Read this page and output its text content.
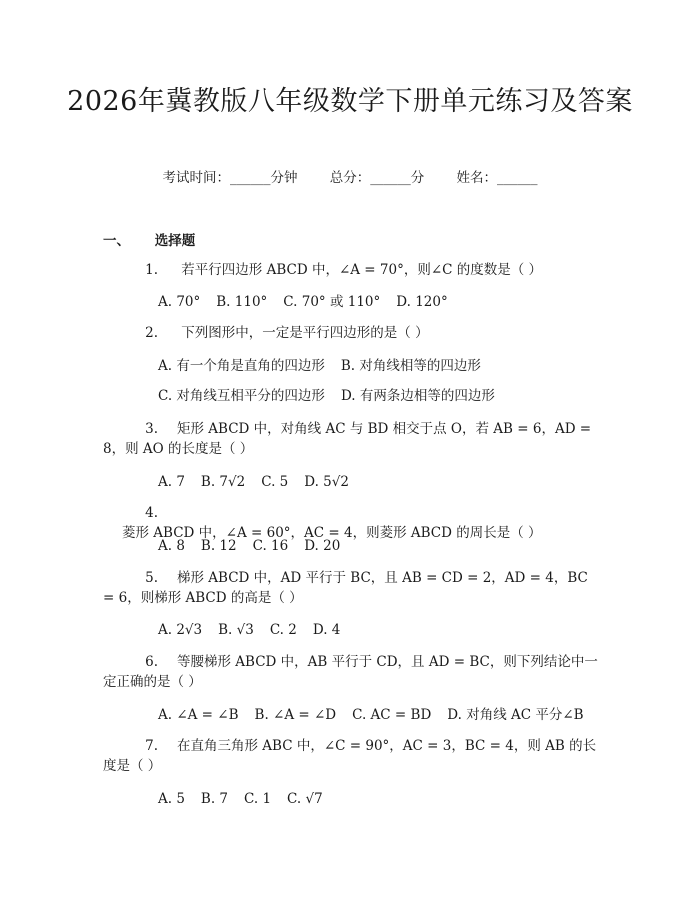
2026年冀教版八年级数学下册单元练习及答案
考试时间：______分钟 总分：______分 姓名：______
一、 选择题
1. 若平行四边形 ABCD 中，∠A = 70°，则∠C 的度数是（ ）
A. 70° B. 110° C. 70° 或 110° D. 120°
2. 下列图形中，一定是平行四边形的是（ ）
A. 有一个角是直角的四边形 B. 对角线相等的四边形
C. 对角线互相平分的四边形 D. 有两条边相等的四边形
3. 矩形 ABCD 中，对角线 AC 与 BD 相交于点 O，若 AB = 6，AD = 8，则 AO 的长度是（ ）
A. 7 B. 7√2 C. 5 D. 5√2
4. 菱形 ABCD 中，∠A = 60°，AC = 4，则菱形 ABCD 的周长是（ ）
A. 8 B. 12 C. 16 D. 20
5. 梯形 ABCD 中，AD 平行于 BC，且 AB = CD = 2，AD = 4，BC = 6，则梯形 ABCD 的高是（ ）
A. 2√3 B. √3 C. 2 D. 4
6. 等腰梯形 ABCD 中，AB 平行于 CD，且 AD = BC，则下列结论中一定正确的是（ ）
A. ∠A = ∠B B. ∠A = ∠D C. AC = BD D. 对角线 AC 平分∠B
7. 在直角三角形 ABC 中，∠C = 90°，AC = 3，BC = 4，则 AB 的长度是（ ）
A. 5 B. 7 C. 1 C. √7
